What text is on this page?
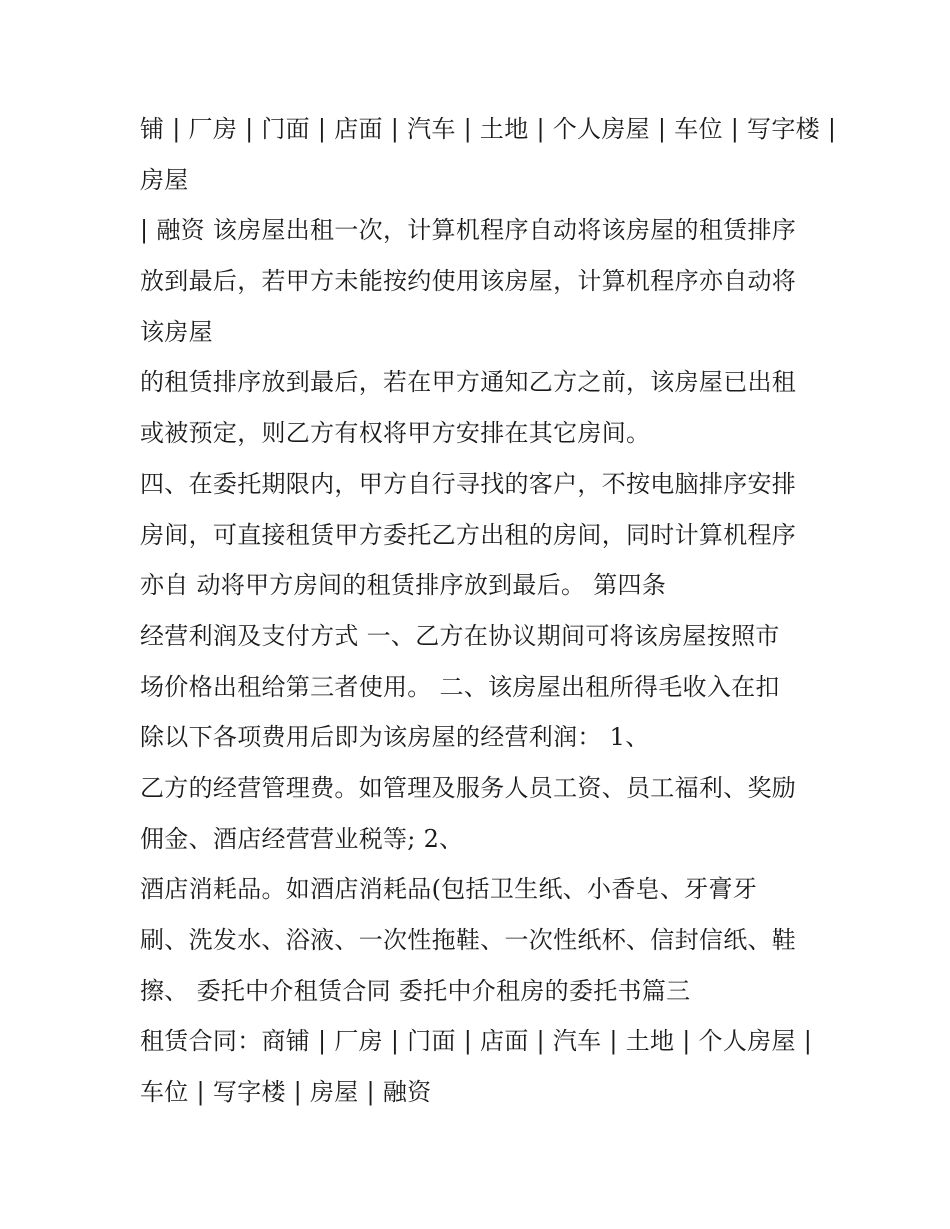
铺 | 厂房 | 门面 | 店面 | 汽车 | 土地 | 个人房屋 | 车位 | 写字楼 |
房屋
| 融资 该房屋出租一次，计算机程序自动将该房屋的租赁排序
放到最后，若甲方未能按约使用该房屋，计算机程序亦自动将
该房屋
的租赁排序放到最后，若在甲方通知乙方之前，该房屋已出租
或被预定，则乙方有权将甲方安排在其它房间。
四、在委托期限内，甲方自行寻找的客户，不按电脑排序安排
房间，可直接租赁甲方委托乙方出租的房间，同时计算机程序
亦自 动将甲方房间的租赁排序放到最后。 第四条
经营利润及支付方式 一、乙方在协议期间可将该房屋按照市
场价格出租给第三者使用。 二、该房屋出租所得毛收入在扣
除以下各项费用后即为该房屋的经营利润： 1、
乙方的经营管理费。如管理及服务人员工资、员工福利、奖励
佣金、酒店经营营业税等; 2、
酒店消耗品。如酒店消耗品(包括卫生纸、小香皂、牙膏牙
刷、洗发水、浴液、一次性拖鞋、一次性纸杯、信封信纸、鞋
擦、 委托中介租赁合同 委托中介租房的委托书篇三
租赁合同：商铺 | 厂房 | 门面 | 店面 | 汽车 | 土地 | 个人房屋 |
车位 | 写字楼 | 房屋 | 融资
